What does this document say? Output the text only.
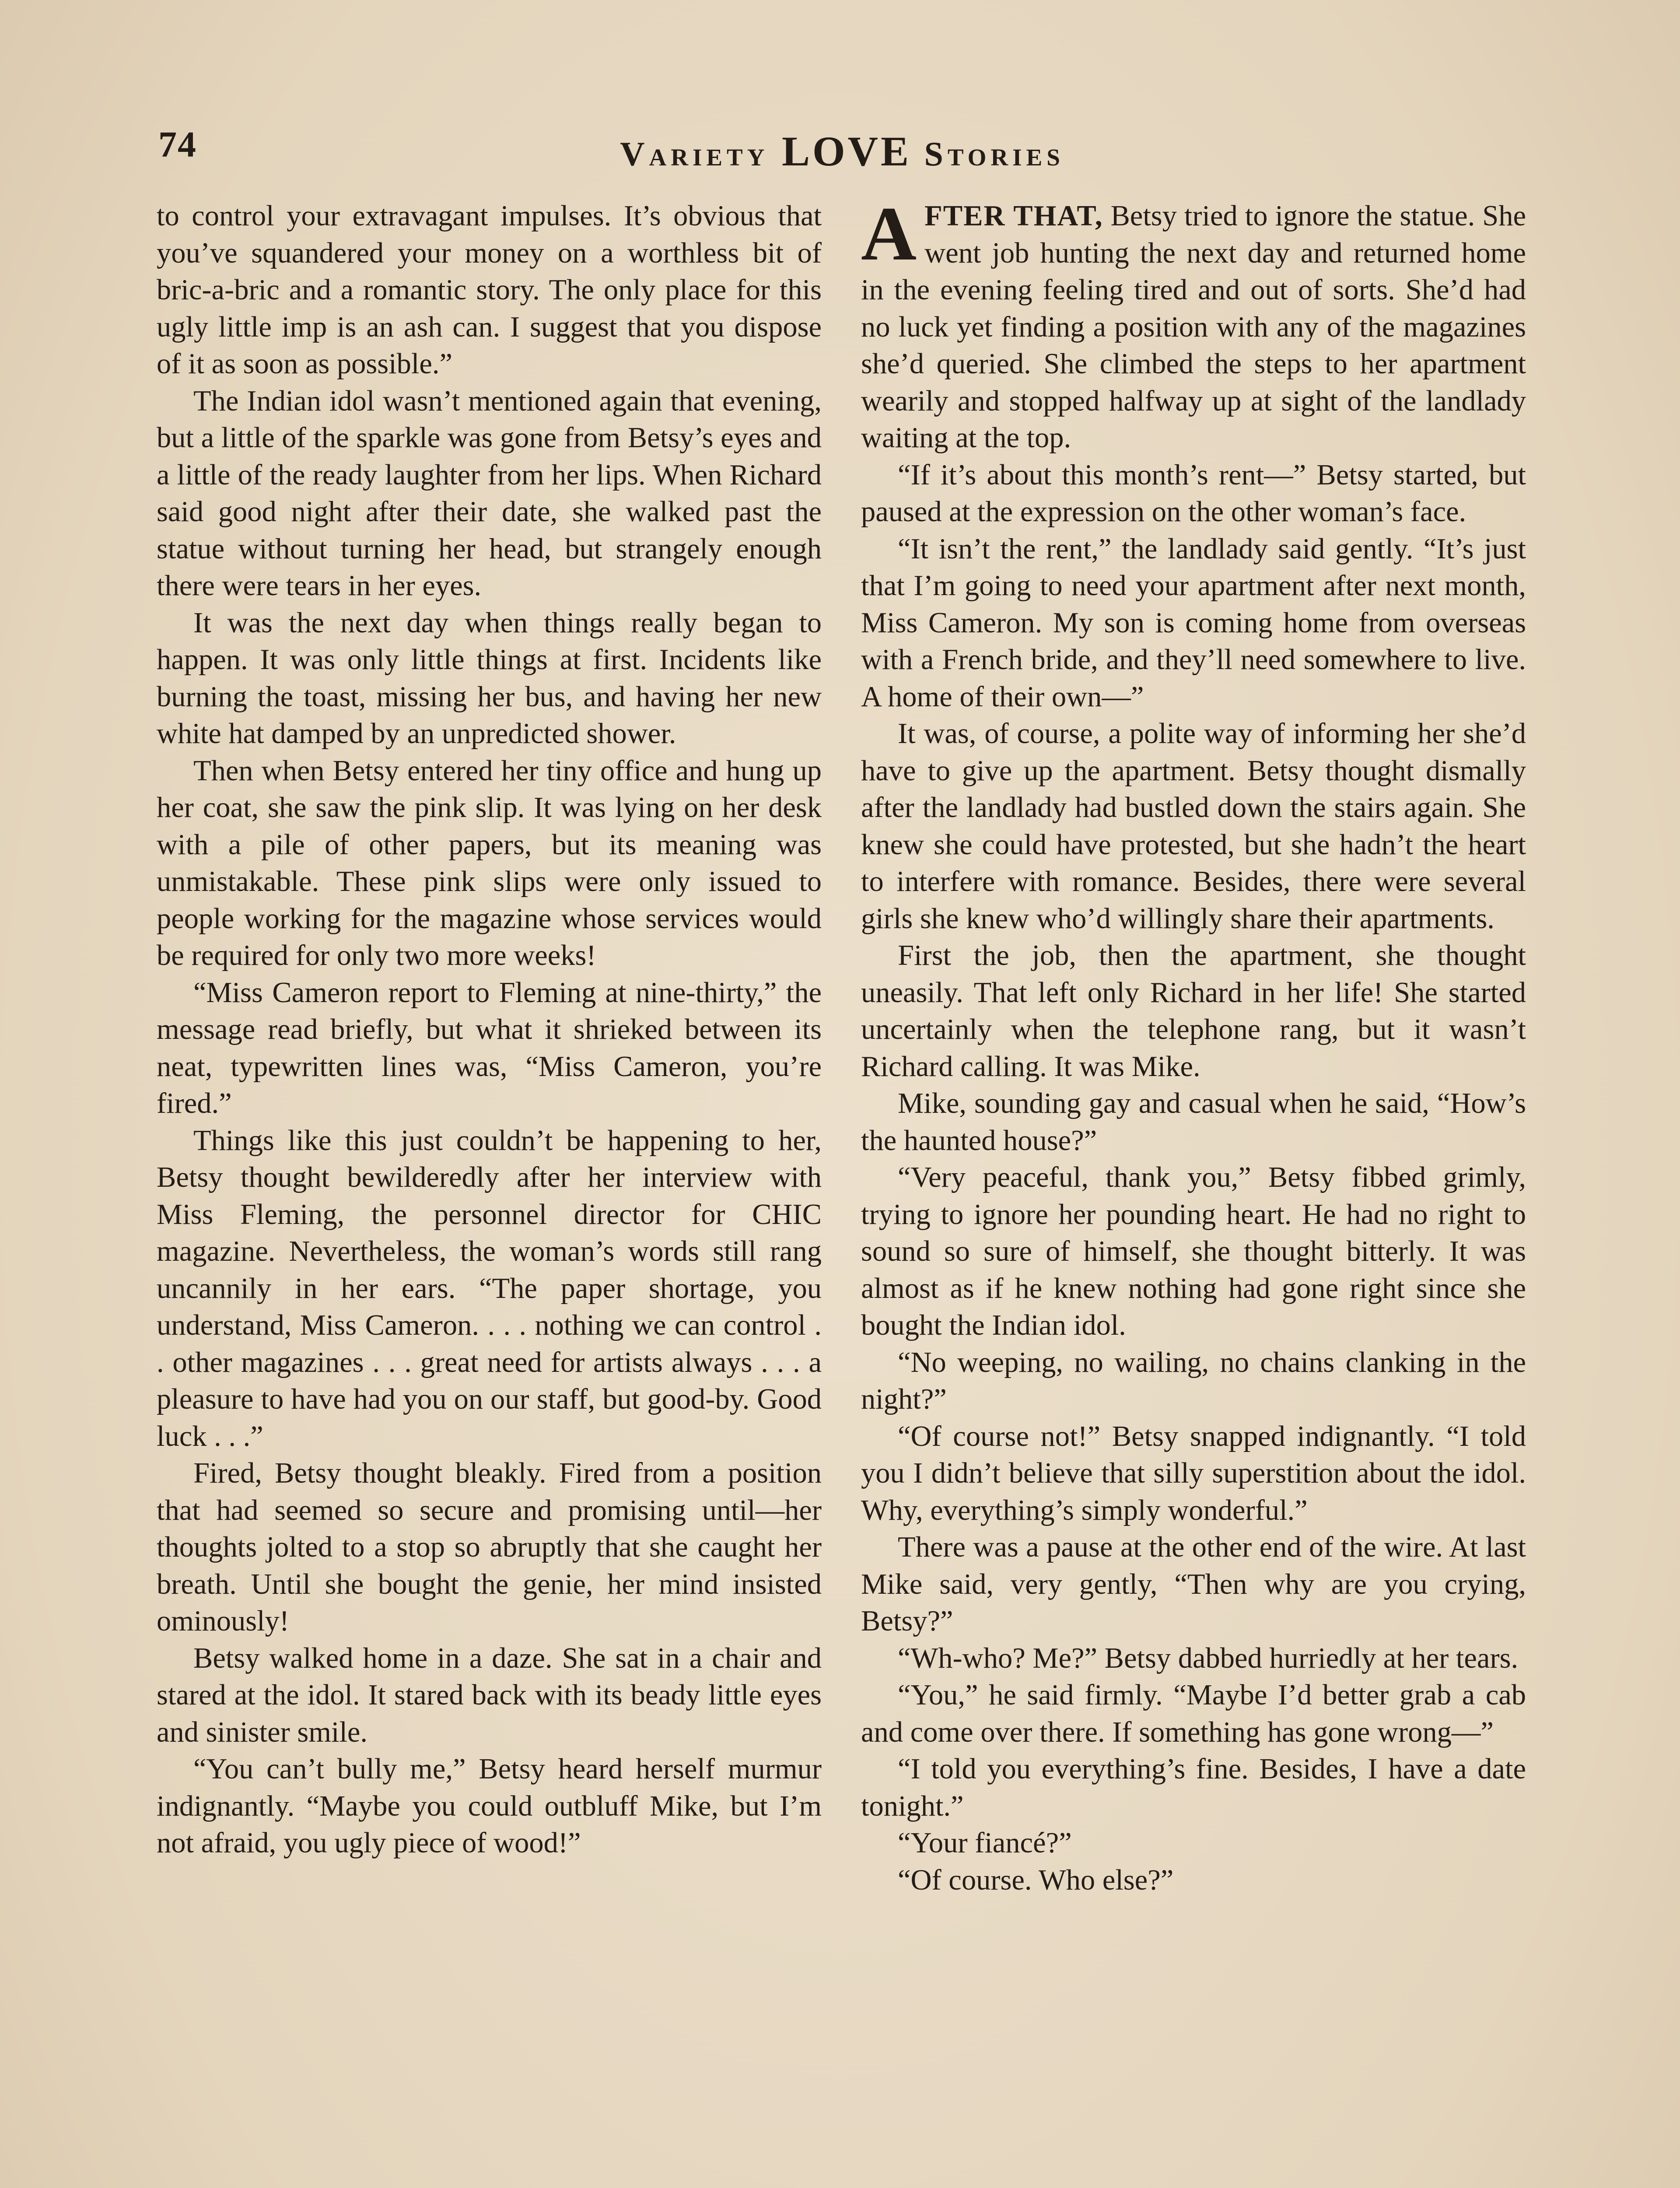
74	Variety LOVE Stories

to control your extravagant impulses. It’s obvious that you’ve squandered your money on a worthless bit of bric-a-bric and a romantic story. The only place for this ugly little imp is an ash can. I suggest that you dispose of it as soon as possible.”

The Indian idol wasn’t mentioned again that evening, but a little of the sparkle was gone from Betsy’s eyes and a little of the ready laughter from her lips. When Richard said good night after their date, she walked past the statue without turning her head, but strangely enough there were tears in her eyes.

It was the next day when things really began to happen. It was only little things at first. Incidents like burning the toast, missing her bus, and having her new white hat damped by an unpredicted shower.

Then when Betsy entered her tiny office and hung up her coat, she saw the pink slip. It was lying on her desk with a pile of other papers, but its meaning was unmistakable. These pink slips were only issued to people working for the magazine whose services would be required for only two more weeks!

“Miss Cameron report to Fleming at nine-thirty,” the message read briefly, but what it shrieked between its neat, typewritten lines was, “Miss Cameron, you’re fired.”

Things like this just couldn’t be happening to her, Betsy thought bewilderedly after her interview with Miss Fleming, the personnel director for CHIC magazine. Nevertheless, the woman’s words still rang uncannily in her ears. “The paper shortage, you understand, Miss Cameron. . . . nothing we can control . . other magazines . . . great need for artists always . . . a pleasure to have had you on our staff, but good-by. Good luck . . .”

Fired, Betsy thought bleakly. Fired from a position that had seemed so secure and promising until—her thoughts jolted to a stop so abruptly that she caught her breath. Until she bought the genie, her mind insisted ominously!

Betsy walked home in a daze. She sat in a chair and stared at the idol. It stared back with its beady little eyes and sinister smile.

“You can’t bully me,” Betsy heard herself murmur indignantly. “Maybe you could outbluff Mike, but I’m not afraid, you ugly piece of wood!”

AFTER THAT, Betsy tried to ignore the statue. She went job hunting the next day and returned home in the evening feeling tired and out of sorts. She’d had no luck yet finding a position with any of the magazines she’d queried. She climbed the steps to her apartment wearily and stopped halfway up at sight of the landlady waiting at the top.

“If it’s about this month’s rent—” Betsy started, but paused at the expression on the other woman’s face.

“It isn’t the rent,” the landlady said gently. “It’s just that I’m going to need your apartment after next month, Miss Cameron. My son is coming home from overseas with a French bride, and they’ll need somewhere to live. A home of their own—”

It was, of course, a polite way of informing her she’d have to give up the apartment. Betsy thought dismally after the landlady had bustled down the stairs again. She knew she could have protested, but she hadn’t the heart to interfere with romance. Besides, there were several girls she knew who’d willingly share their apartments.

First the job, then the apartment, she thought uneasily. That left only Richard in her life! She started uncertainly when the telephone rang, but it wasn’t Richard calling. It was Mike.

Mike, sounding gay and casual when he said, “How’s the haunted house?”

“Very peaceful, thank you,” Betsy fibbed grimly, trying to ignore her pounding heart. He had no right to sound so sure of himself, she thought bitterly. It was almost as if he knew nothing had gone right since she bought the Indian idol.

“No weeping, no wailing, no chains clanking in the night?”

“Of course not!” Betsy snapped indignantly. “I told you I didn’t believe that silly superstition about the idol. Why, everything’s simply wonderful.”

There was a pause at the other end of the wire. At last Mike said, very gently, “Then why are you crying, Betsy?”

“Wh-who? Me?” Betsy dabbed hurriedly at her tears.

“You,” he said firmly. “Maybe I’d better grab a cab and come over there. If something has gone wrong—”

“I told you everything’s fine. Besides, I have a date tonight.”

“Your fiancé?”

“Of course. Who else?”
